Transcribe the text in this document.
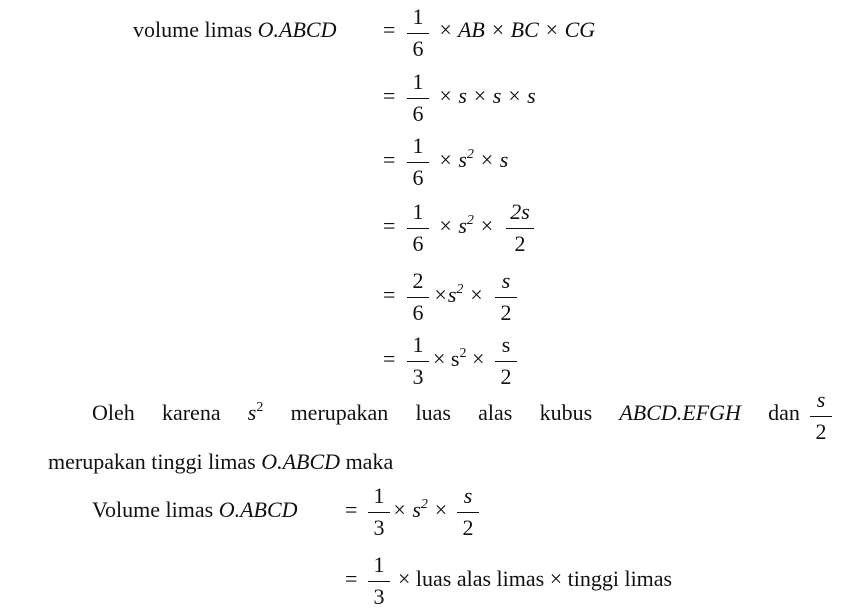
volume limas O.ABCD =
1
6
× AB × BC × CG
=
1
6
× s × s × s
=
1
6
× $s^2 \times s$
=
1
6
× $s^2$ ×
2s
2
=
2
6
$\times s^2$ ×
s
2
=
1
3
× $s^2$ ×
s
2
Oleh karena $s^2$ merupakan luas alas kubus ABCD.EFGH dan
s
2
merupakan tinggi limas O.ABCD maka
Volume limas O.ABCD =
1
3
× $s^2$ ×
s
2
=
1
3
× luas alas limas × tinggi limas
